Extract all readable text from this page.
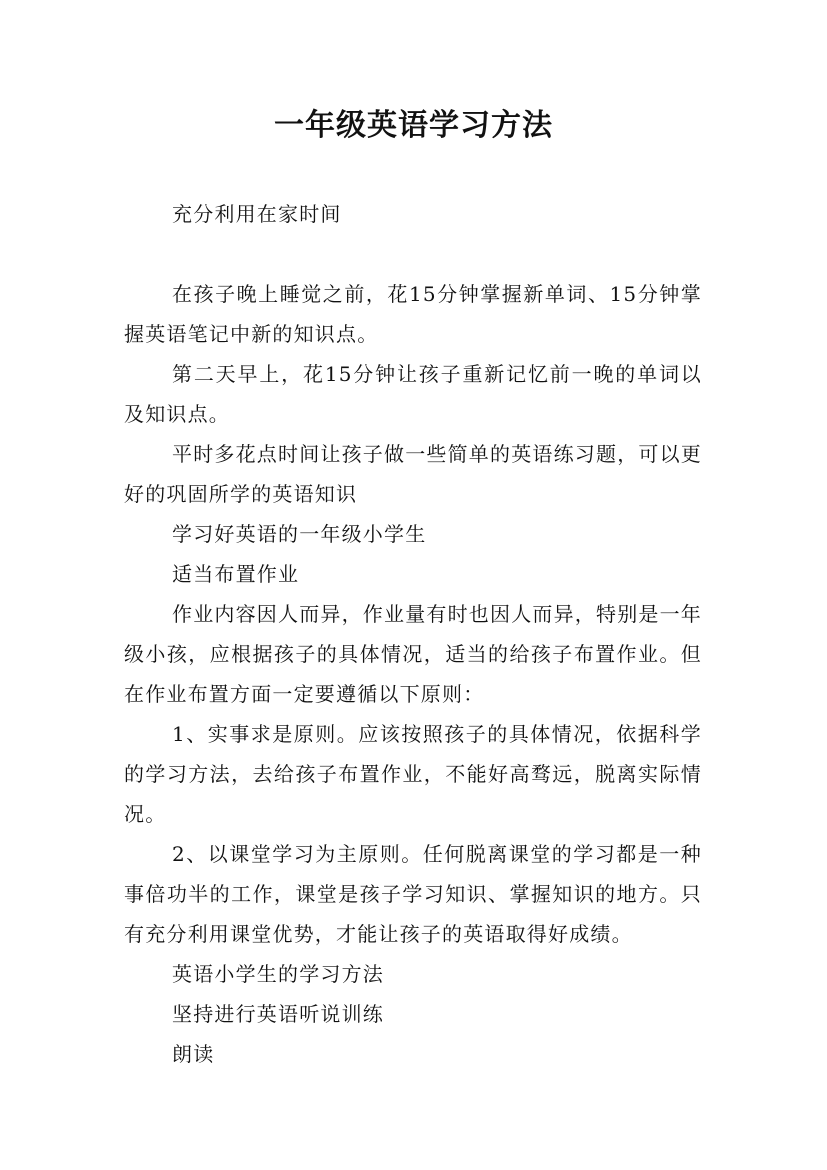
一年级英语学习方法

充分利用在家时间

在孩子晚上睡觉之前，花15分钟掌握新单词、15分钟掌握英语笔记中新的知识点。

第二天早上，花15分钟让孩子重新记忆前一晚的单词以及知识点。

平时多花点时间让孩子做一些简单的英语练习题，可以更好的巩固所学的英语知识

学习好英语的一年级小学生

适当布置作业

作业内容因人而异，作业量有时也因人而异，特别是一年级小孩，应根据孩子的具体情况，适当的给孩子布置作业。但在作业布置方面一定要遵循以下原则：

1、实事求是原则。应该按照孩子的具体情况，依据科学的学习方法，去给孩子布置作业，不能好高骛远，脱离实际情况。

2、以课堂学习为主原则。任何脱离课堂的学习都是一种事倍功半的工作，课堂是孩子学习知识、掌握知识的地方。只有充分利用课堂优势，才能让孩子的英语取得好成绩。

英语小学生的学习方法

坚持进行英语听说训练

朗读
